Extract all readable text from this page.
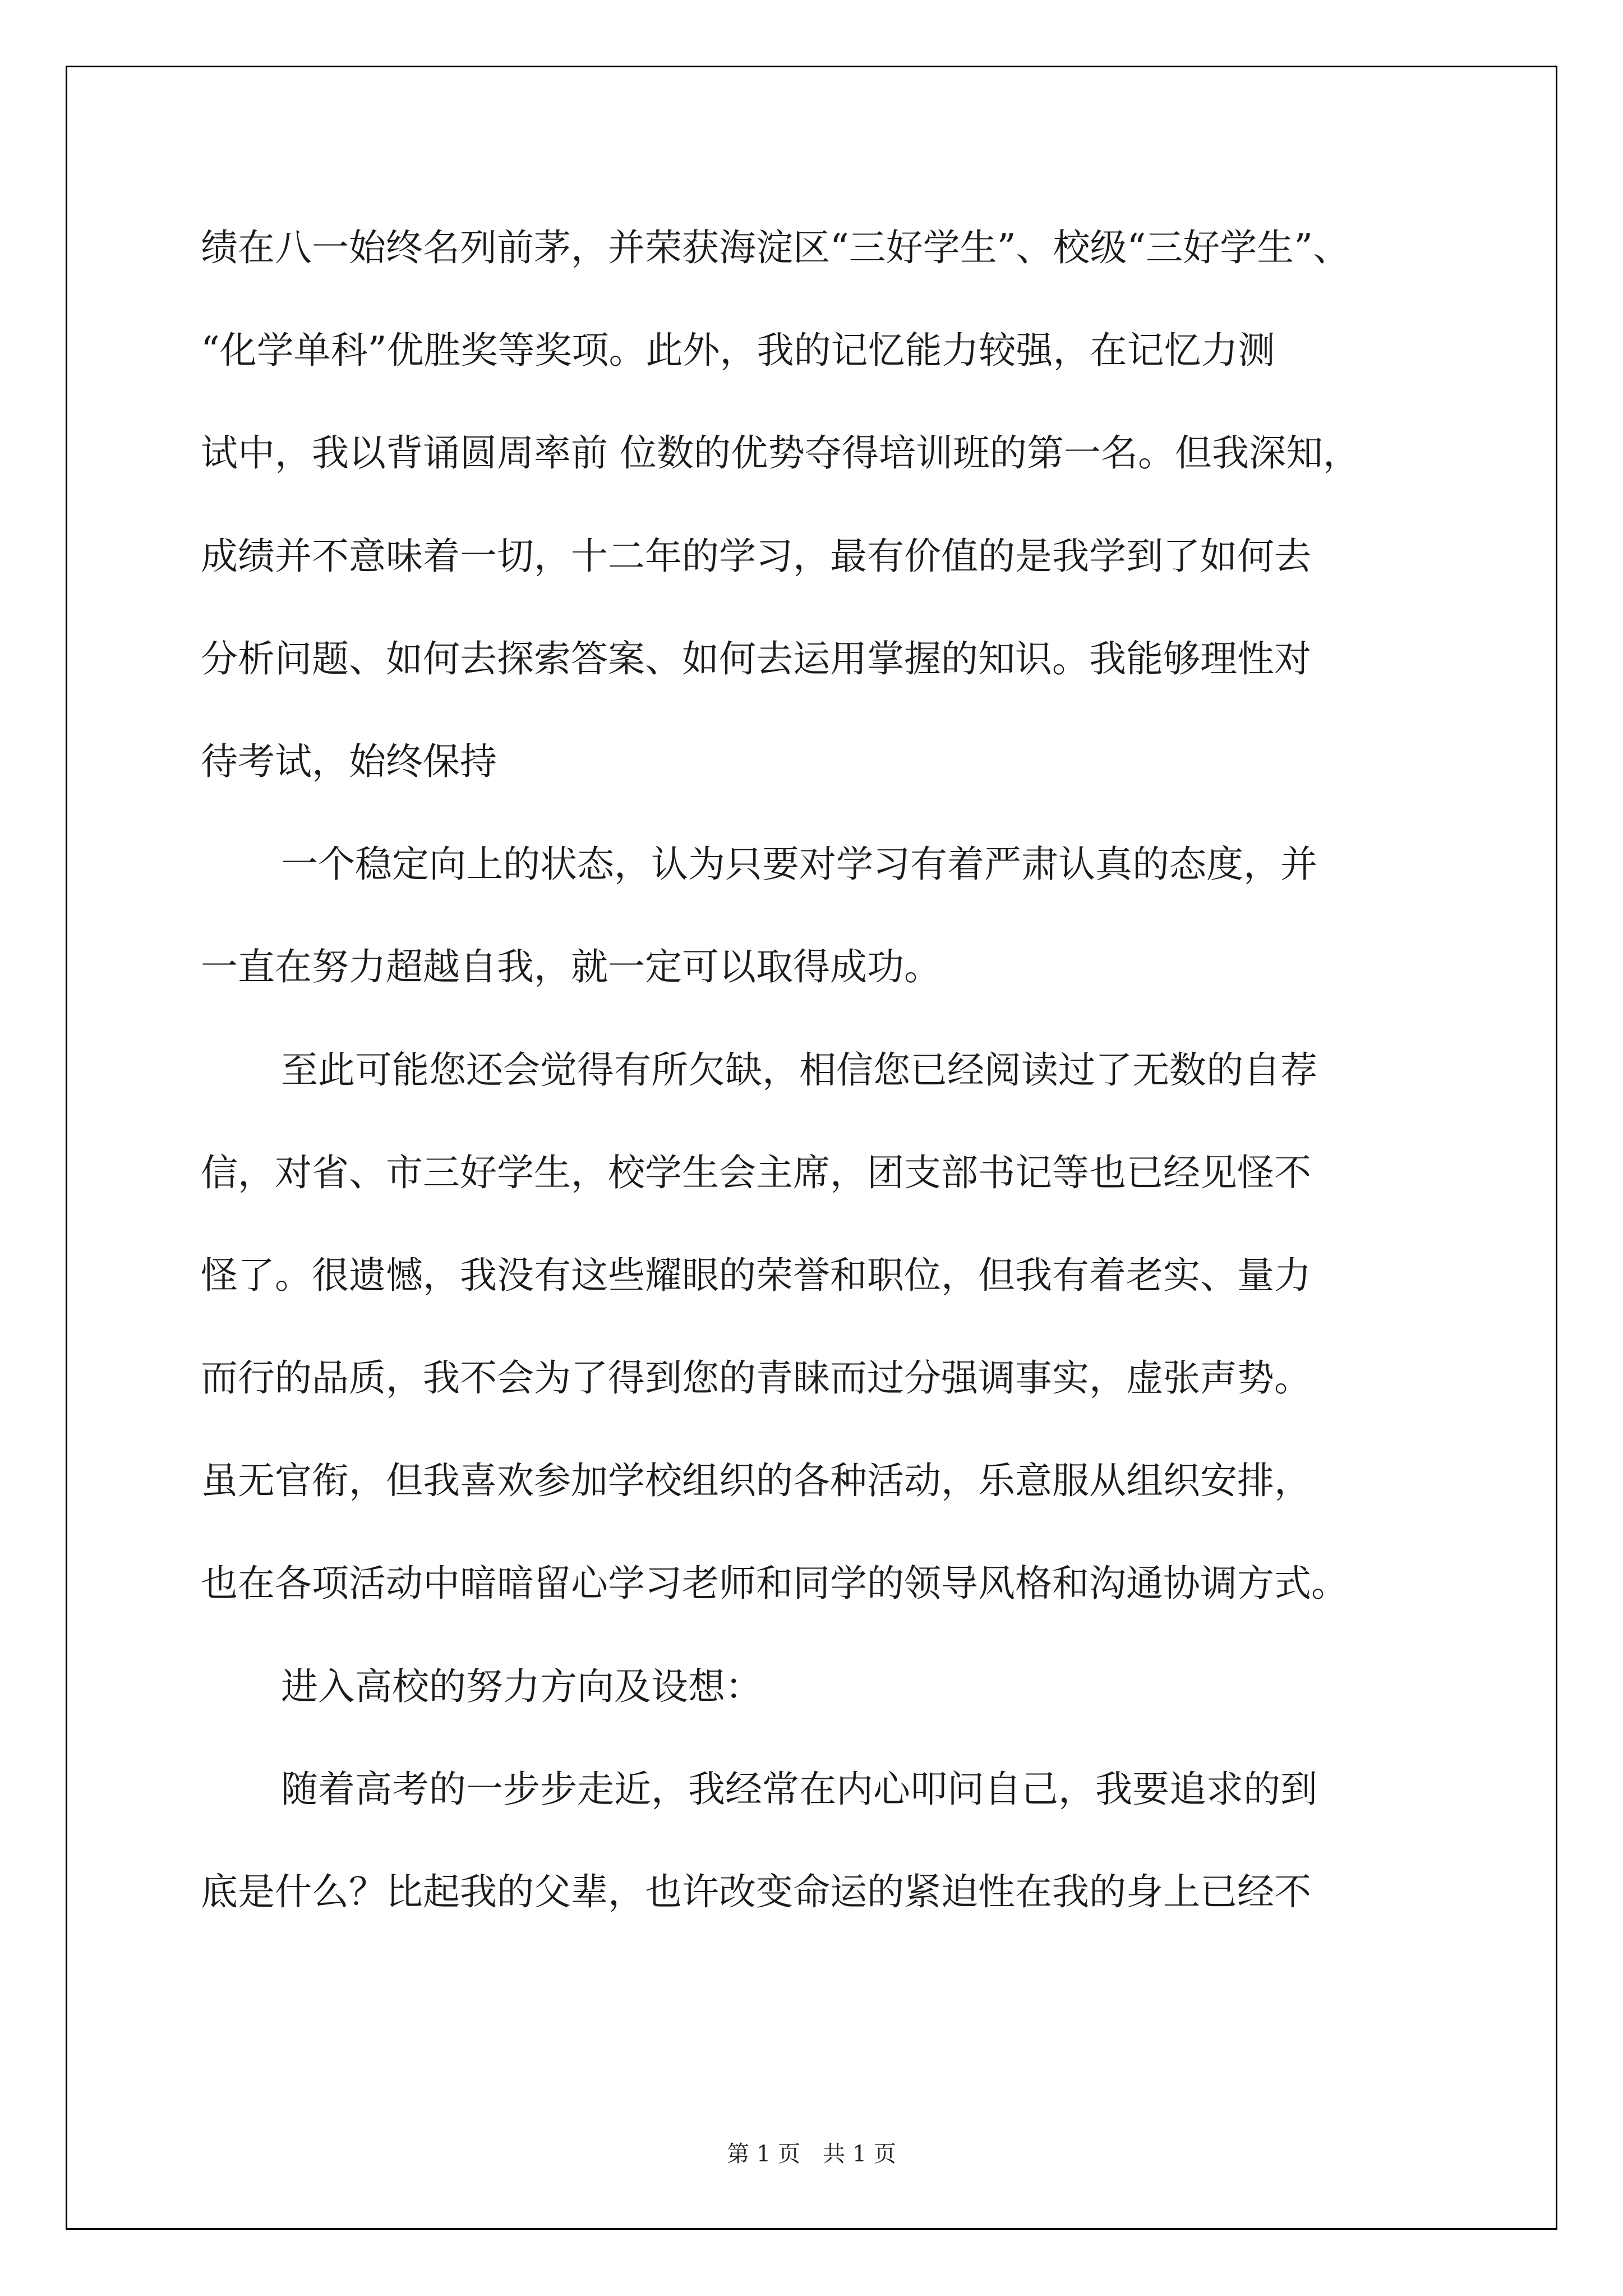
绩在八一始终名列前茅，并荣获海淀区“三好学生”、校级“三好学生”、
“化学单科”优胜奖等奖项。此外，我的记忆能力较强，在记忆力测
试中，我以背诵圆周率前 位数的优势夺得培训班的第一名。但我深知，
成绩并不意味着一切，十二年的学习，最有价值的是我学到了如何去
分析问题、如何去探索答案、如何去运用掌握的知识。我能够理性对
待考试，始终保持
一个稳定向上的状态，认为只要对学习有着严肃认真的态度，并
一直在努力超越自我，就一定可以取得成功。
至此可能您还会觉得有所欠缺，相信您已经阅读过了无数的自荐
信，对省、市三好学生，校学生会主席，团支部书记等也已经见怪不
怪了。很遗憾，我没有这些耀眼的荣誉和职位，但我有着老实、量力
而行的品质，我不会为了得到您的青睐而过分强调事实，虚张声势。
虽无官衔，但我喜欢参加学校组织的各种活动，乐意服从组织安排，
也在各项活动中暗暗留心学习老师和同学的领导风格和沟通协调方式。
进入高校的努力方向及设想：
随着高考的一步步走近，我经常在内心叩问自己，我要追求的到
底是什么？比起我的父辈，也许改变命运的紧迫性在我的身上已经不
第 1 页　共 1 页
